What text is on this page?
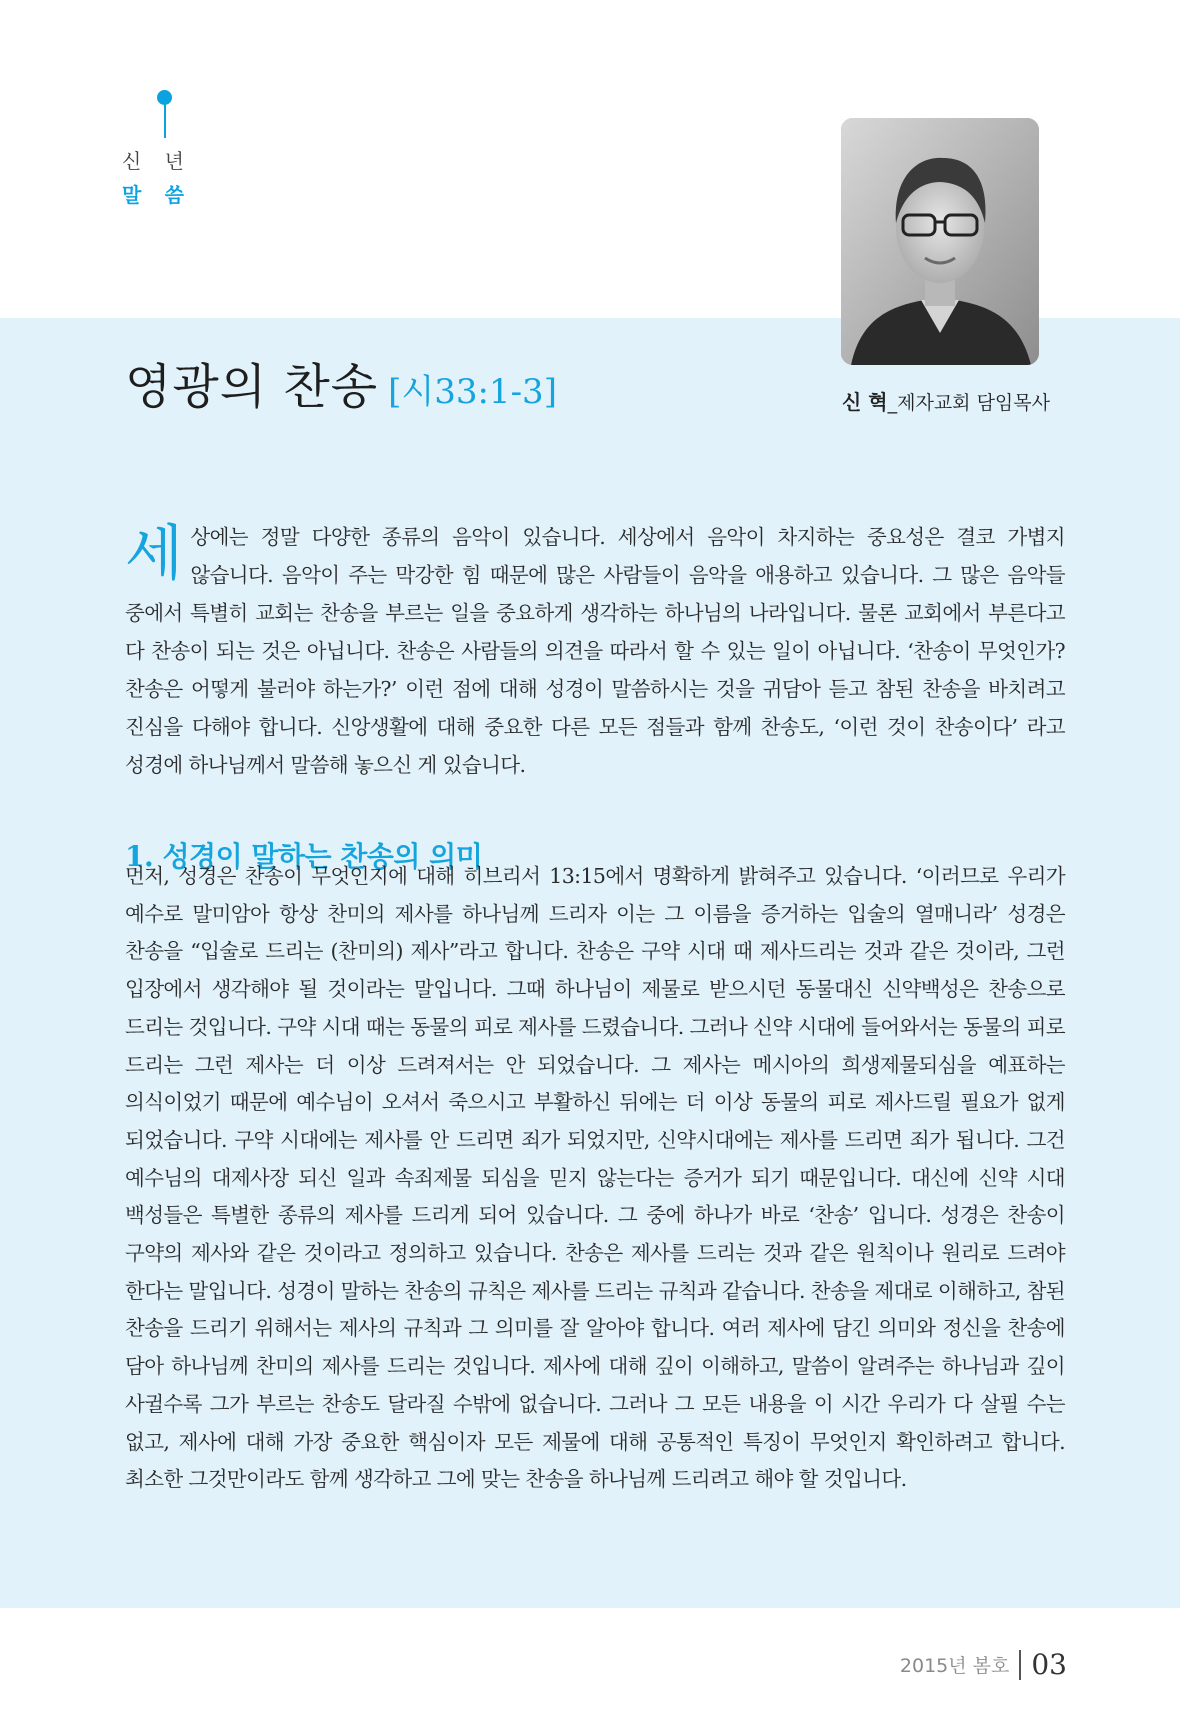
신 년
말 씀
신 혁_제자교회 담임목사
영광의 찬송 [시33:1-3]
세상에는 정말 다양한 종류의 음악이 있습니다. 세상에서 음악이 차지하는 중요성은 결코 가볍지 않습니다. 음악이 주는 막강한 힘 때문에 많은 사람들이 음악을 애용하고 있습니다. 그 많은 음악들 중에서 특별히 교회는 찬송을 부르는 일을 중요하게 생각하는 하나님의 나라입니다. 물론 교회에서 부른다고 다 찬송이 되는 것은 아닙니다. 찬송은 사람들의 의견을 따라서 할 수 있는 일이 아닙니다. ‘찬송이 무엇인가? 찬송은 어떻게 불러야 하는가?’ 이런 점에 대해 성경이 말씀하시는 것을 귀담아 듣고 참된 찬송을 바치려고 진심을 다해야 합니다. 신앙생활에 대해 중요한 다른 모든 점들과 함께 찬송도, ‘이런 것이 찬송이다’ 라고 성경에 하나님께서 말씀해 놓으신 게 있습니다.
1. 성경이 말하는 찬송의 의미
먼저, 성경은 찬송이 무엇인지에 대해 히브리서 13:15에서 명확하게 밝혀주고 있습니다. ‘이러므로 우리가 예수로 말미암아 항상 찬미의 제사를 하나님께 드리자 이는 그 이름을 증거하는 입술의 열매니라’ 성경은 찬송을 “입술로 드리는 (찬미의) 제사”라고 합니다. 찬송은 구약 시대 때 제사드리는 것과 같은 것이라, 그런 입장에서 생각해야 될 것이라는 말입니다. 그때 하나님이 제물로 받으시던 동물대신 신약백성은 찬송으로 드리는 것입니다. 구약 시대 때는 동물의 피로 제사를 드렸습니다. 그러나 신약 시대에 들어와서는 동물의 피로 드리는 그런 제사는 더 이상 드려져서는 안 되었습니다. 그 제사는 메시아의 희생제물되심을 예표하는 의식이었기 때문에 예수님이 오셔서 죽으시고 부활하신 뒤에는 더 이상 동물의 피로 제사드릴 필요가 없게 되었습니다. 구약 시대에는 제사를 안 드리면 죄가 되었지만, 신약시대에는 제사를 드리면 죄가 됩니다. 그건 예수님의 대제사장 되신 일과 속죄제물 되심을 믿지 않는다는 증거가 되기 때문입니다. 대신에 신약 시대 백성들은 특별한 종류의 제사를 드리게 되어 있습니다. 그 중에 하나가 바로 ‘찬송’ 입니다. 성경은 찬송이 구약의 제사와 같은 것이라고 정의하고 있습니다. 찬송은 제사를 드리는 것과 같은 원칙이나 원리로 드려야 한다는 말입니다. 성경이 말하는 찬송의 규칙은 제사를 드리는 규칙과 같습니다. 찬송을 제대로 이해하고, 참된 찬송을 드리기 위해서는 제사의 규칙과 그 의미를 잘 알아야 합니다. 여러 제사에 담긴 의미와 정신을 찬송에 담아 하나님께 찬미의 제사를 드리는 것입니다. 제사에 대해 깊이 이해하고, 말씀이 알려주는 하나님과 깊이 사귈수록 그가 부르는 찬송도 달라질 수밖에 없습니다. 그러나 그 모든 내용을 이 시간 우리가 다 살필 수는 없고, 제사에 대해 가장 중요한 핵심이자 모든 제물에 대해 공통적인 특징이 무엇인지 확인하려고 합니다. 최소한 그것만이라도 함께 생각하고 그에 맞는 찬송을 하나님께 드리려고 해야 할 것입니다.
2015년 봄호 03
